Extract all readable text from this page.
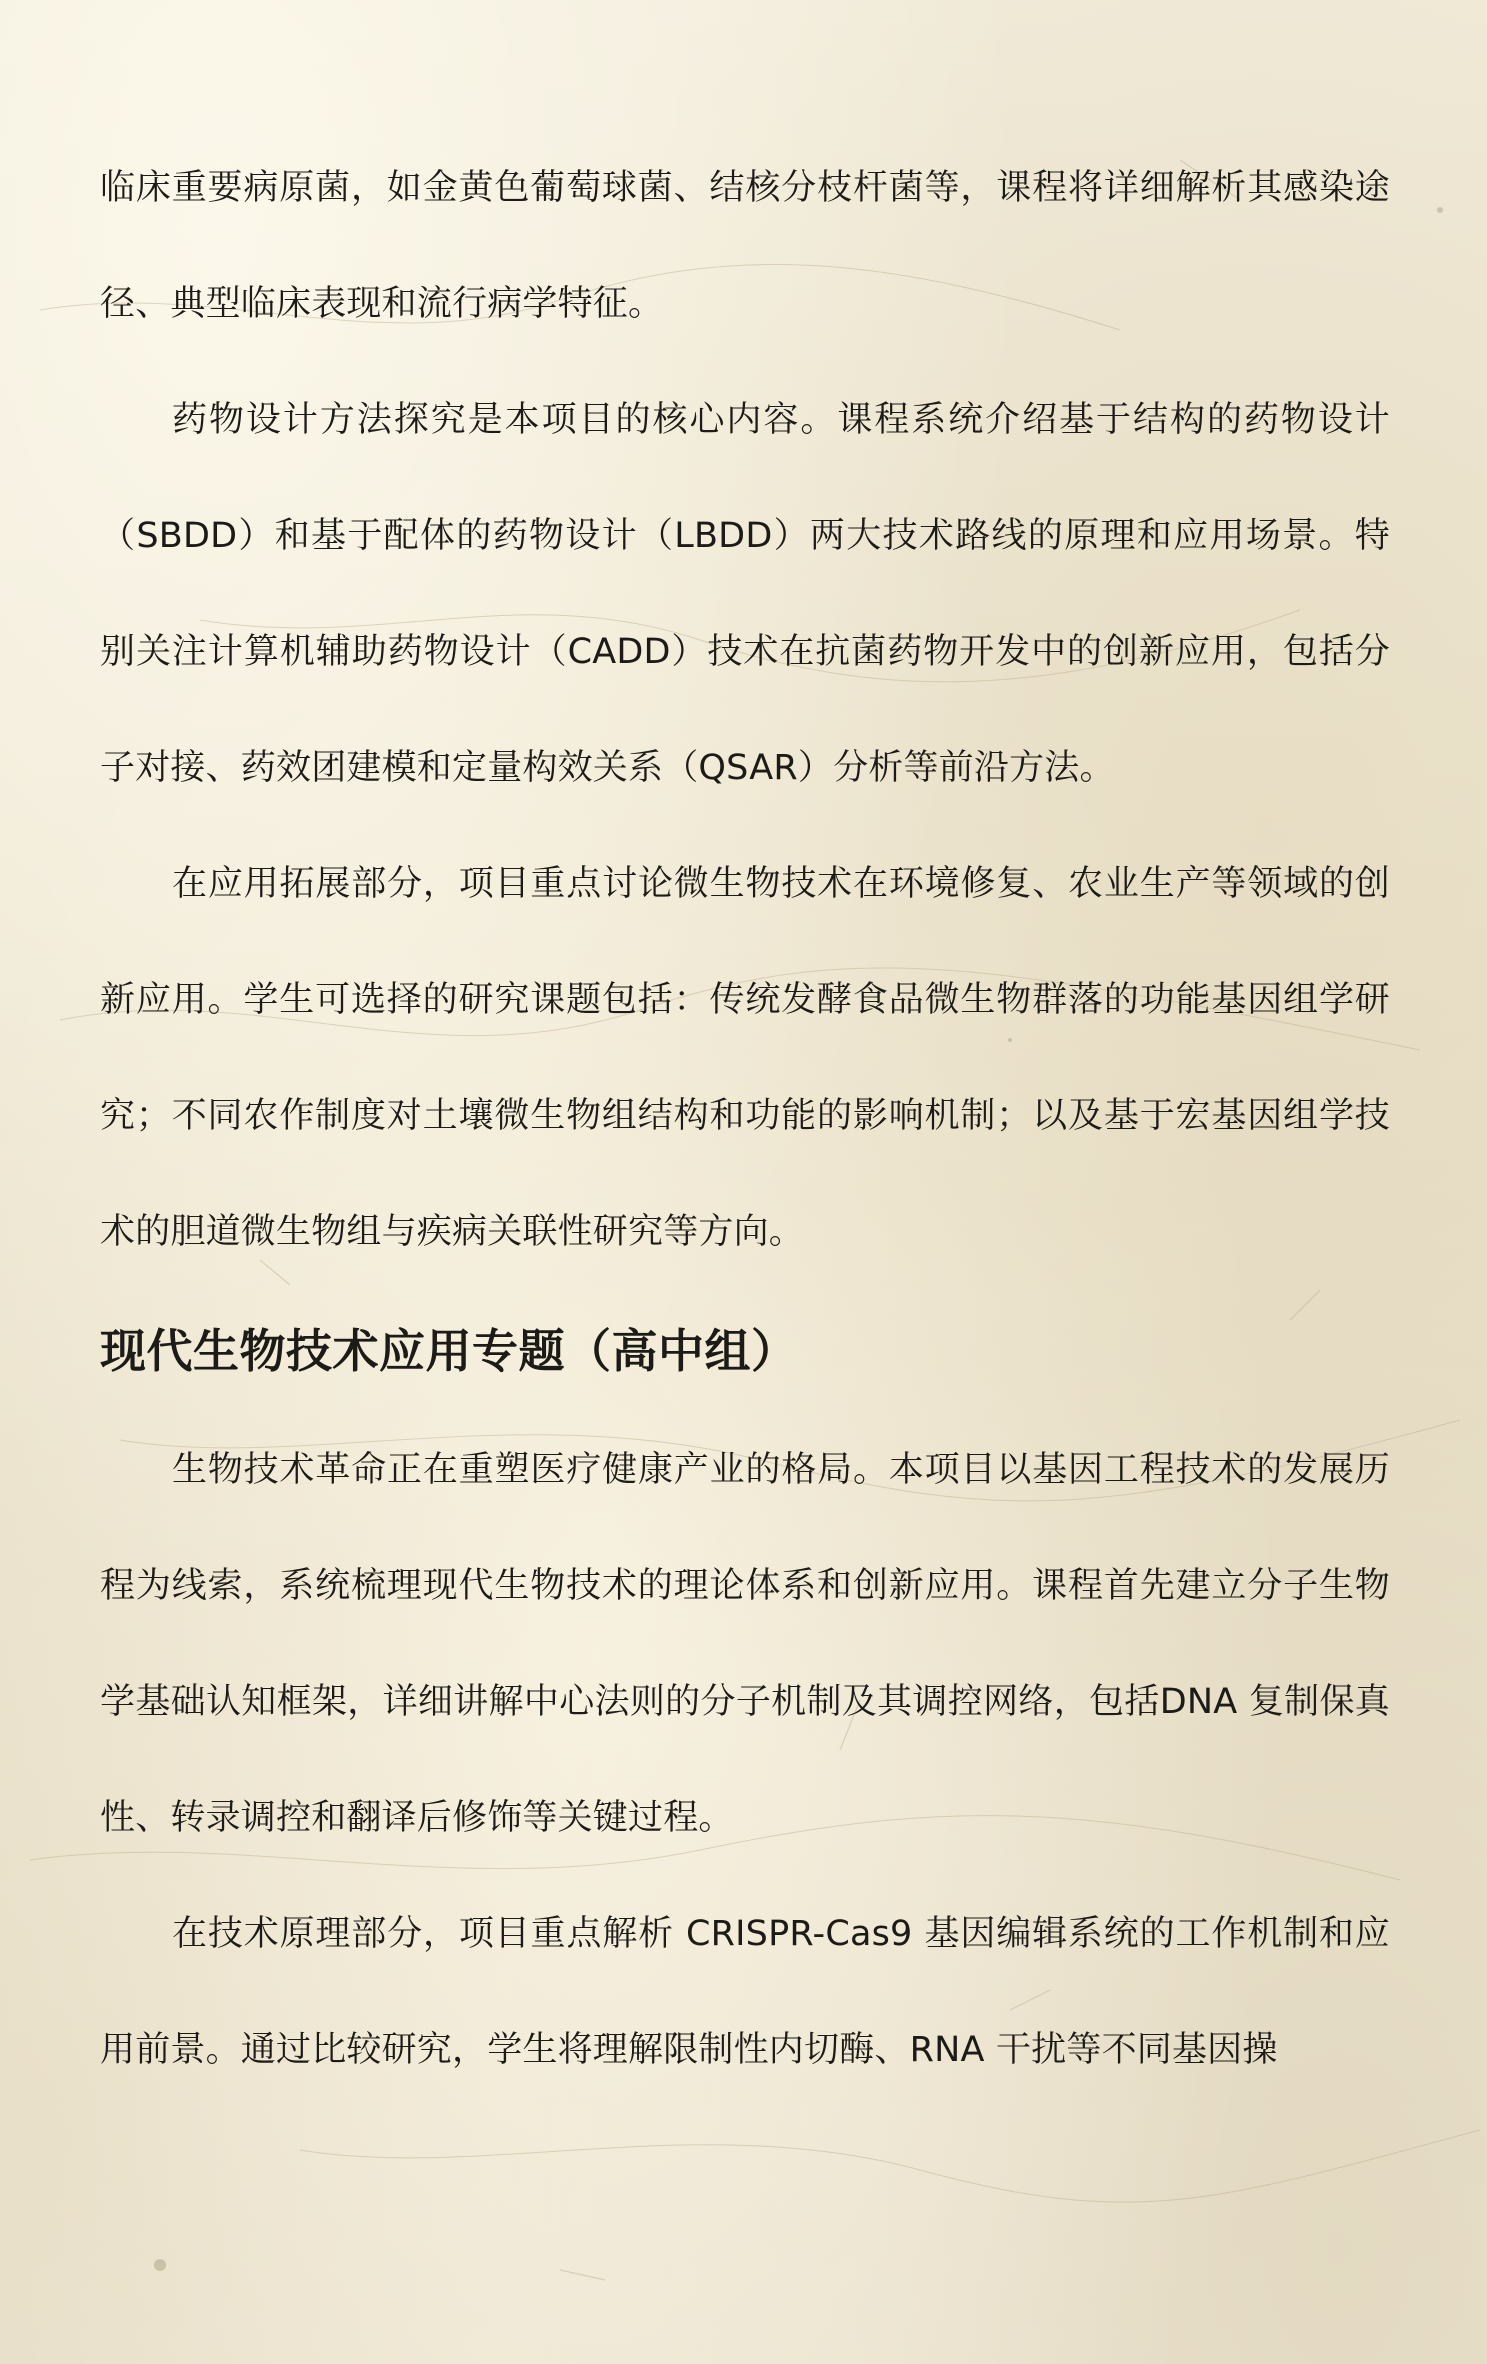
临床重要病原菌，如金黄色葡萄球菌、结核分枝杆菌等，课程将详细解析其感染途径、典型临床表现和流行病学特征。

药物设计方法探究是本项目的核心内容。课程系统介绍基于结构的药物设计（SBDD）和基于配体的药物设计（LBDD）两大技术路线的原理和应用场景。特别关注计算机辅助药物设计（CADD）技术在抗菌药物开发中的创新应用，包括分子对接、药效团建模和定量构效关系（QSAR）分析等前沿方法。

在应用拓展部分，项目重点讨论微生物技术在环境修复、农业生产等领域的创新应用。学生可选择的研究课题包括：传统发酵食品微生物群落的功能基因组学研究；不同农作制度对土壤微生物组结构和功能的影响机制；以及基于宏基因组学技术的胆道微生物组与疾病关联性研究等方向。

现代生物技术应用专题（高中组）

生物技术革命正在重塑医疗健康产业的格局。本项目以基因工程技术的发展历程为线索，系统梳理现代生物技术的理论体系和创新应用。课程首先建立分子生物学基础认知框架，详细讲解中心法则的分子机制及其调控网络，包括DNA 复制保真性、转录调控和翻译后修饰等关键过程。

在技术原理部分，项目重点解析 CRISPR-Cas9 基因编辑系统的工作机制和应用前景。通过比较研究，学生将理解限制性内切酶、RNA 干扰等不同基因操
